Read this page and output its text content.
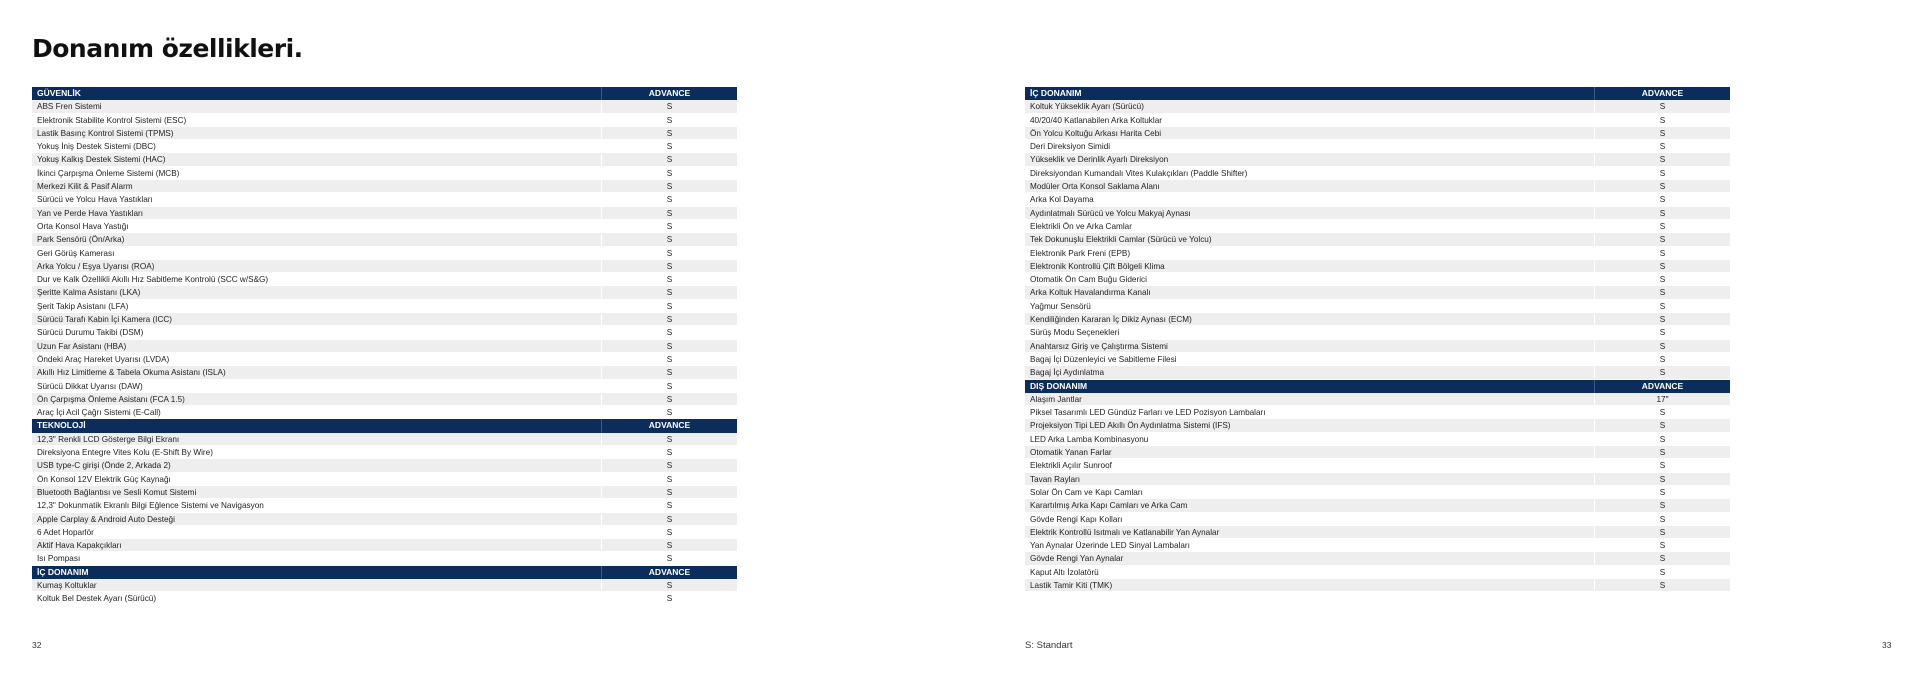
Donanım özellikleri.
GÜVENLİK	ADVANCE
ABS Fren Sistemi	S
Elektronik Stabilite Kontrol Sistemi (ESC)	S
Lastik Basınç Kontrol Sistemi (TPMS)	S
Yokuş İniş Destek Sistemi (DBC)	S
Yokuş Kalkış Destek Sistemi (HAC)	S
İkinci Çarpışma Önleme Sistemi (MCB)	S
Merkezi Kilit & Pasif Alarm	S
Sürücü ve Yolcu Hava Yastıkları	S
Yan ve Perde Hava Yastıkları	S
Orta Konsol Hava Yastığı	S
Park Sensörü (Ön/Arka)	S
Geri Görüş Kamerası	S
Arka Yolcu / Eşya Uyarısı (ROA)	S
Dur ve Kalk Özellikli Akıllı Hız Sabitleme Kontrolü (SCC w/S&G)	S
Şeritte Kalma Asistanı (LKA)	S
Şerit Takip Asistanı (LFA)	S
Sürücü Tarafı Kabin İçi Kamera (ICC)	S
Sürücü Durumu Takibi (DSM)	S
Uzun Far Asistanı (HBA)	S
Öndeki Araç Hareket Uyarısı (LVDA)	S
Akıllı Hız Limitleme & Tabela Okuma Asistanı (ISLA)	S
Sürücü Dikkat Uyarısı (DAW)	S
Ön Çarpışma Önleme Asistanı (FCA 1.5)	S
Araç İçi Acil Çağrı Sistemi (E-Call)	S
TEKNOLOJİ	ADVANCE
12,3" Renkli LCD Gösterge Bilgi Ekranı	S
Direksiyona Entegre Vites Kolu (E-Shift By Wire)	S
USB type-C girişi (Önde 2, Arkada 2)	S
Ön Konsol 12V Elektrik Güç Kaynağı	S
Bluetooth Bağlantısı ve Sesli Komut Sistemi	S
12,3" Dokunmatik Ekranlı Bilgi Eğlence Sistemi ve Navigasyon	S
Apple Carplay & Android Auto Desteği	S
6 Adet Hoparlör	S
Aktif Hava Kapakçıkları	S
Isı Pompası	S
İÇ DONANIM	ADVANCE
Kumaş Koltuklar	S
Koltuk Bel Destek Ayarı (Sürücü)	S
İÇ DONANIM	ADVANCE
Koltuk Yükseklik Ayarı (Sürücü)	S
40/20/40 Katlanabilen Arka Koltuklar	S
Ön Yolcu Koltuğu Arkası Harita Cebi	S
Deri Direksiyon Simidi	S
Yükseklik ve Derinlik Ayarlı Direksiyon	S
Direksiyondan Kumandalı Vites Kulakçıkları (Paddle Shifter)	S
Modüler Orta Konsol Saklama Alanı	S
Arka Kol Dayama	S
Aydınlatmalı Sürücü ve Yolcu Makyaj Aynası	S
Elektrikli Ön ve Arka Camlar	S
Tek Dokunuşlu Elektrikli Camlar (Sürücü ve Yolcu)	S
Elektronik Park Freni (EPB)	S
Elektronik Kontrollü Çift Bölgeli Klima	S
Otomatik Ön Cam Buğu Giderici	S
Arka Koltuk Havalandırma Kanalı	S
Yağmur Sensörü	S
Kendiliğinden Kararan İç Dikiz Aynası (ECM)	S
Sürüş Modu Seçenekleri	S
Anahtarsız Giriş ve Çalıştırma Sistemi	S
Bagaj İçi Düzenleyici ve Sabitleme Filesi	S
Bagaj İçi Aydınlatma	S
DIŞ DONANIM	ADVANCE
Alaşım Jantlar	17"
Piksel Tasarımlı LED Gündüz Farları ve LED Pozisyon Lambaları	S
Projeksiyon Tipi LED Akıllı Ön Aydınlatma Sistemi (IFS)	S
LED Arka Lamba Kombinasyonu	S
Otomatik Yanan Farlar	S
Elektrikli Açılır Sunroof	S
Tavan Rayları	S
Solar Ön Cam ve Kapı Camları	S
Karartılmış Arka Kapı Camları ve Arka Cam	S
Gövde Rengi Kapı Kolları	S
Elektrik Kontrollü Isıtmalı ve Katlanabilir Yan Aynalar	S
Yan Aynalar Üzerinde LED Sinyal Lambaları	S
Gövde Rengi Yan Aynalar	S
Kaput Altı İzolatörü	S
Lastik Tamir Kiti (TMK)	S
32	S: Standart	33
